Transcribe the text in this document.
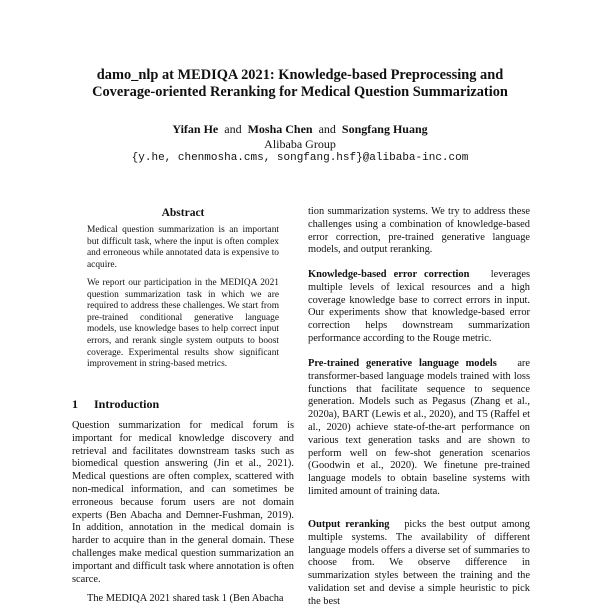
damo_nlp at MEDIQA 2021: Knowledge-based Preprocessing and
Coverage-oriented Reranking for Medical Question Summarization
Yifan He and Mosha Chen and Songfang Huang
Alibaba Group
{y.he, chenmosha.cms, songfang.hsf}@alibaba-inc.com
Abstract

Medical question summarization is an important but difficult task, where the input is often complex and erroneous while annotated data is expensive to acquire.

We report our participation in the MEDIQA 2021 question summarization task in which we are required to address these challenges. We start from pre-trained conditional generative language models, use knowledge bases to help correct input errors, and rerank single system outputs to boost coverage. Experimental results show significant improvement in string-based metrics.

1 Introduction

Question summarization for medical forum is important for medical knowledge discovery and retrieval and facilitates downstream tasks such as biomedical question answering (Jin et al., 2021). Medical questions are often complex, scattered with non-medical information, and can sometimes be erroneous because forum users are not domain experts (Ben Abacha and Demner-Fushman, 2019). In addition, annotation in the medical domain is harder to acquire than in the general domain. These challenges make medical question summarization an important and difficult task where annotation is often scarce.

The MEDIQA 2021 shared task 1 (Ben Abacha

tion summarization systems. We try to address these challenges using a combination of knowledge-based error correction, pre-trained generative language models, and output reranking.

Knowledge-based error correction leverages multiple levels of lexical resources and a high coverage knowledge base to correct errors in input. Our experiments show that knowledge-based error correction helps downstream summarization performance according to the Rouge metric.

Pre-trained generative language models are transformer-based language models trained with loss functions that facilitate sequence to sequence generation. Models such as Pegasus (Zhang et al., 2020a), BART (Lewis et al., 2020), and T5 (Raffel et al., 2020) achieve state-of-the-art performance on various text generation tasks and are shown to perform well on few-shot generation scenarios (Goodwin et al., 2020). We finetune pre-trained language models to obtain baseline systems with limited amount of training data.

Output reranking picks the best output among multiple systems. The availability of different language models offers a diverse set of summaries to choose from. We observe difference in summarization styles between the training and the validation set and devise a simple heuristic to pick the best
